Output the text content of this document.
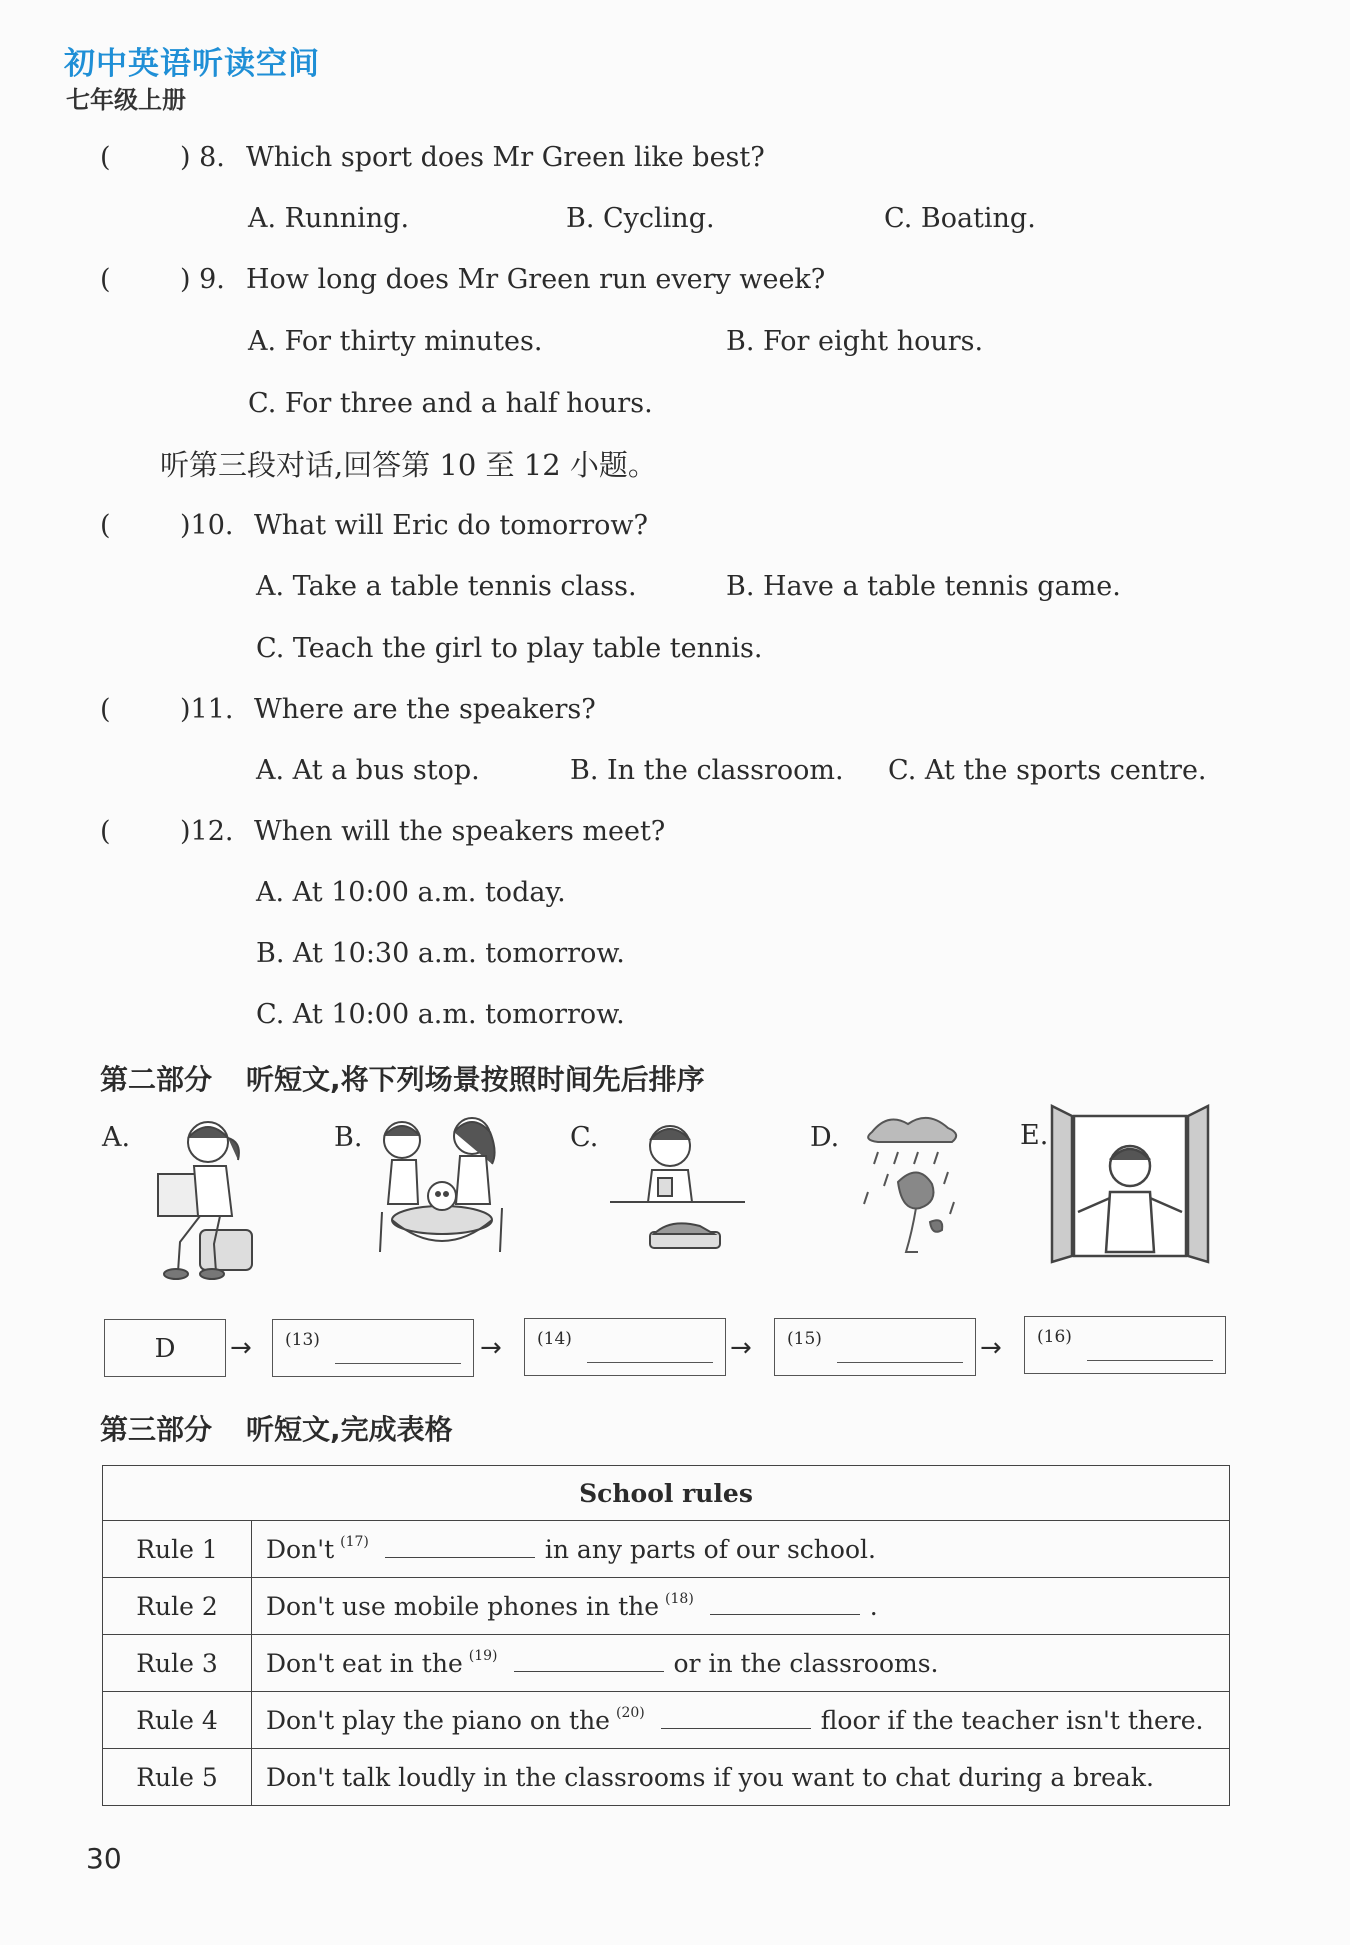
初中英语听读空间
七年级上册
(	) 8. Which sport does Mr Green like best?
A. Running.	B. Cycling.	C. Boating.
(	) 9. How long does Mr Green run every week?
A. For thirty minutes.	B. For eight hours.
C. For three and a half hours.
听第三段对话,回答第 10 至 12 小题。
(	)10. What will Eric do tomorrow?
A. Take a table tennis class.	B. Have a table tennis game.
C. Teach the girl to play table tennis.
(	)11. Where are the speakers?
A. At a bus stop.	B. In the classroom. C. At the sports centre.
(	)12. When will the speakers meet?
A. At 10:00 a.m. today.
B. At 10:30 a.m. tomorrow.
C. At 10:00 a.m. tomorrow.
第二部分 听短文,将下列场景按照时间先后排序
A.	B.	C.	D.	E.
D	→ (13)	→ (14)	→ (15)	→ (16)
第三部分 听短文,完成表格
School rules	
Rule 1	Don't $^{(17)}$ in any parts of our school.
Rule 2	Don't use mobile phones in the $^{(18)}$ .
Rule 3	Don't eat in the $^{(19)}$ or in the classrooms.
Rule 4	Don't play the piano on the $^{(20)}$ floor if the teacher isn't there.
Rule 5	Don't talk loudly in the classrooms if you want to chat during a break.
30
